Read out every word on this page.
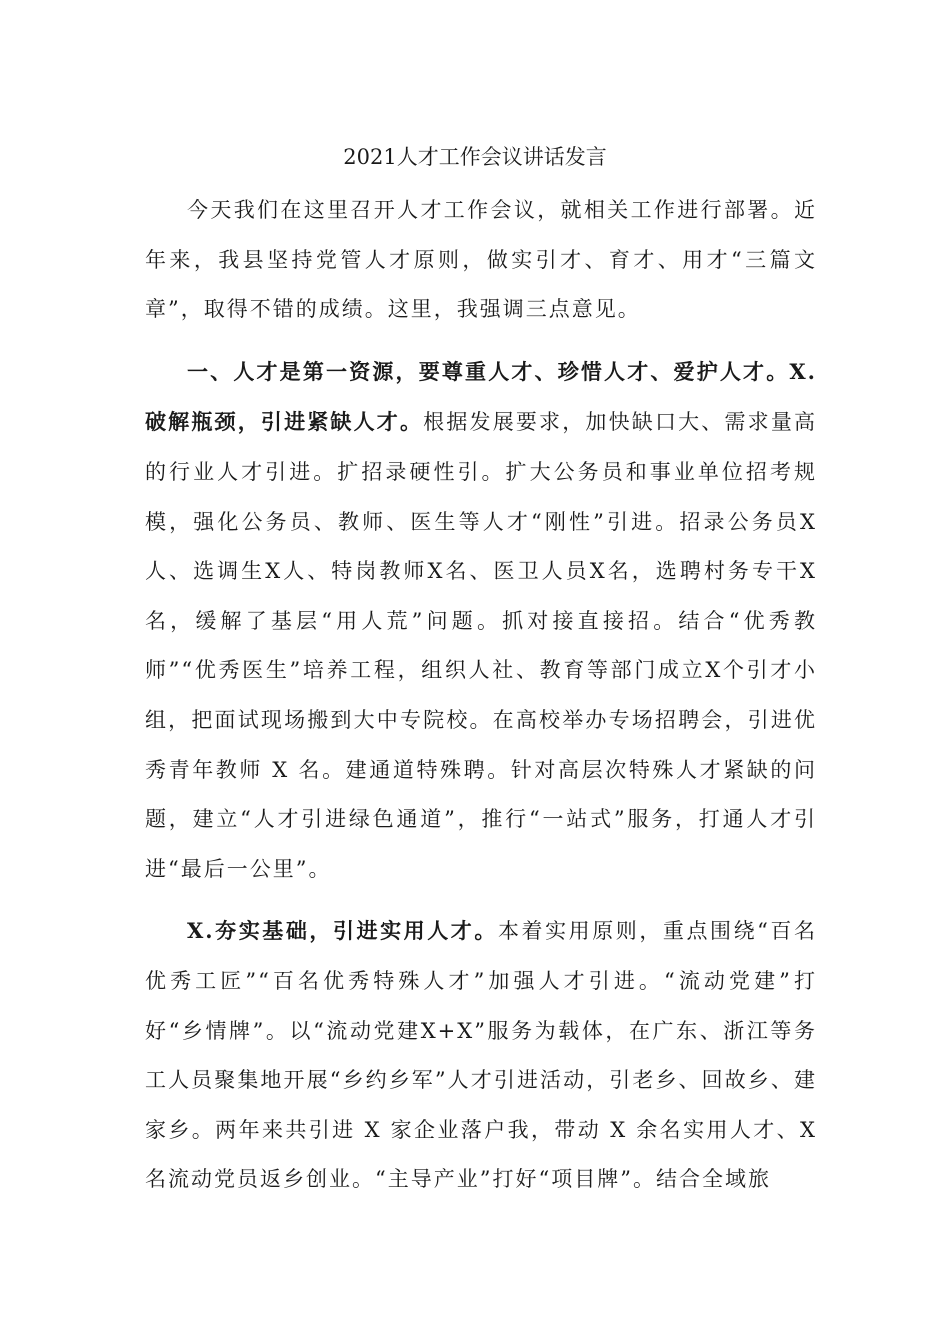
2021人才工作会议讲话发言

今天我们在这里召开人才工作会议，就相关工作进行部署。近年来，我县坚持党管人才原则，做实引才、育才、用才“三篇文章”，取得不错的成绩。这里，我强调三点意见。

一、人才是第一资源，要尊重人才、珍惜人才、爱护人才。X.破解瓶颈，引进紧缺人才。根据发展要求，加快缺口大、需求量高的行业人才引进。扩招录硬性引。扩大公务员和事业单位招考规模，强化公务员、教师、医生等人才“刚性”引进。招录公务员X人、选调生X人、特岗教师X名、医卫人员X名，选聘村务专干X名，缓解了基层“用人荒”问题。抓对接直接招。结合“优秀教师”“优秀医生”培养工程，组织人社、教育等部门成立X个引才小组，把面试现场搬到大中专院校。在高校举办专场招聘会，引进优秀青年教师 X 名。建通道特殊聘。针对高层次特殊人才紧缺的问题，建立“人才引进绿色通道”，推行“一站式”服务，打通人才引进“最后一公里”。

X.夯实基础，引进实用人才。本着实用原则，重点围绕“百名优秀工匠”“百名优秀特殊人才”加强人才引进。“流动党建”打好“乡情牌”。以“流动党建X+X”服务为载体，在广东、浙江等务工人员聚集地开展“乡约乡军”人才引进活动，引老乡、回故乡、建家乡。两年来共引进 X 家企业落户我，带动 X 余名实用人才、X名流动党员返乡创业。“主导产业”打好“项目牌”。结合全域旅
